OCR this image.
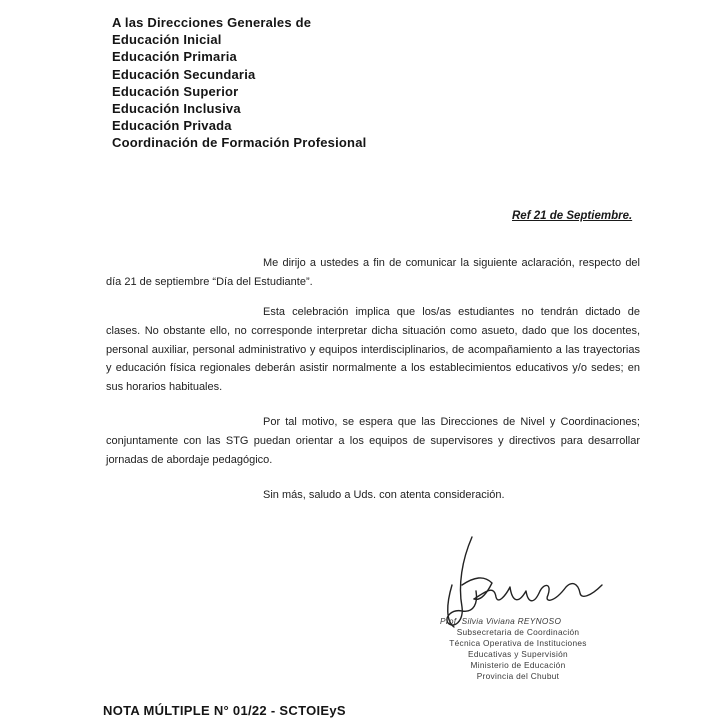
A las Direcciones Generales de
Educación Inicial
Educación Primaria
Educación Secundaria
Educación Superior
Educación Inclusiva
Educación Privada
Coordinación de Formación Profesional
Ref 21 de Septiembre.

Me dirijo a ustedes a fin de comunicar la siguiente aclaración, respecto del día 21 de septiembre “Día del Estudiante”.

Esta celebración implica que los/as estudiantes no tendrán dictado de clases. No obstante ello, no corresponde interpretar dicha situación como asueto, dado que los docentes, personal auxiliar, personal administrativo y equipos interdisciplinarios, de acompañamiento a las trayectorias y educación física regionales deberán asistir normalmente a los establecimientos educativos y/o sedes; en sus horarios habituales.

Por tal motivo, se espera que las Direcciones de Nivel y Coordinaciones; conjuntamente con las STG puedan orientar a los equipos de supervisores y directivos para desarrollar jornadas de abordaje pedagógico.

Sin más, saludo a Uds. con atenta consideración.

Prof. Silvia Viviana REYNOSO
Subsecretaria de Coordinación
Técnica Operativa de Instituciones
Educativas y Supervisión
Ministerio de Educación
Provincia del Chubut
NOTA MÚLTIPLE N° 01/22 - SCTOIEyS
